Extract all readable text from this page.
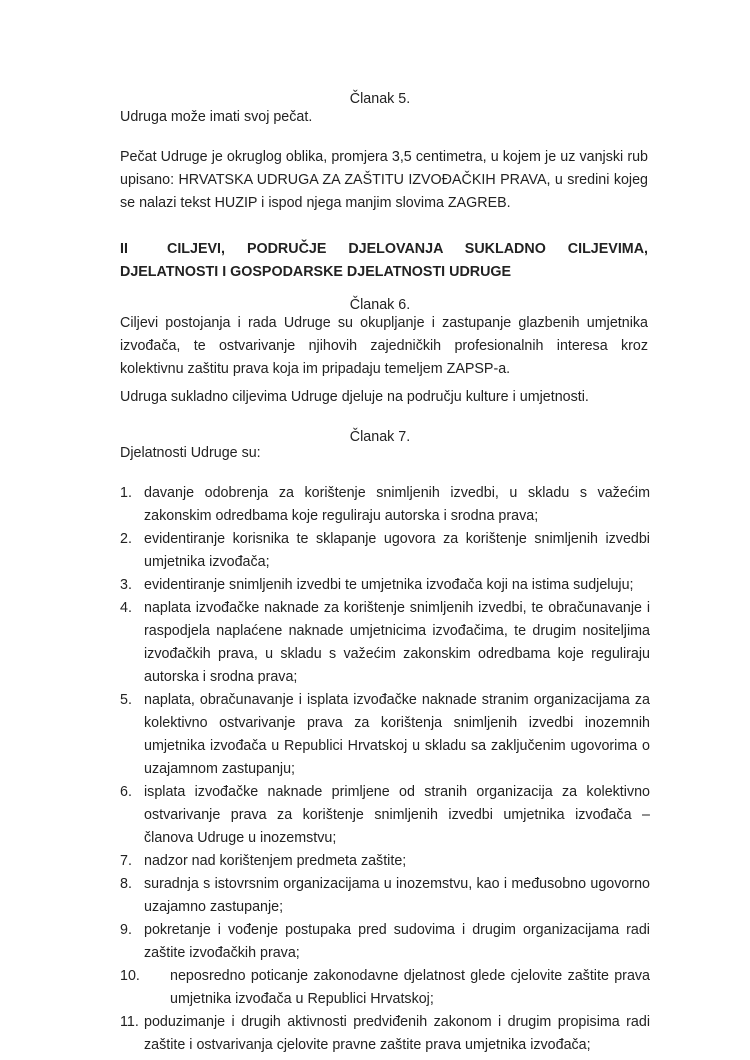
Članak 5.
Udruga može imati svoj pečat.
Pečat Udruge je okruglog oblika, promjera 3,5 centimetra, u kojem je uz vanjski rub upisano: HRVATSKA UDRUGA ZA ZAŠTITU IZVOĐAČKIH PRAVA, u sredini kojeg se nalazi tekst HUZIP i ispod njega manjim slovima ZAGREB.
II	CILJEVI, PODRUČJE DJELOVANJA SUKLADNO CILJEVIMA, DJELATNOSTI I GOSPODARSKE DJELATNOSTI UDRUGE
Članak 6.
Ciljevi postojanja i rada Udruge su okupljanje i zastupanje glazbenih umjetnika izvođača, te ostvarivanje njihovih zajedničkih profesionalnih interesa kroz kolektivnu zaštitu prava koja im pripadaju temeljem ZAPSP-a.
Udruga sukladno ciljevima Udruge djeluje na području kulture i umjetnosti.
Članak 7.
Djelatnosti Udruge su:
1. davanje odobrenja za korištenje snimljenih izvedbi, u skladu s važećim zakonskim odredbama koje reguliraju autorska i srodna prava;
2. evidentiranje korisnika te sklapanje ugovora za korištenje snimljenih izvedbi umjetnika izvođača;
3. evidentiranje snimljenih izvedbi te umjetnika izvođača koji na istima sudjeluju;
4. naplata izvođačke naknade za korištenje snimljenih izvedbi, te obračunavanje i raspodjela naplaćene naknade umjetnicima izvođačima, te drugim nositeljima izvođačkih prava, u skladu s važećim zakonskim odredbama koje reguliraju autorska i srodna prava;
5. naplata, obračunavanje i isplata izvođačke naknade stranim organizacijama za kolektivno ostvarivanje prava za korištenja snimljenih izvedbi inozemnih umjetnika izvođača u Republici Hrvatskoj u skladu sa zaključenim ugovorima o uzajamnom zastupanju;
6. isplata izvođačke naknade primljene od stranih organizacija za kolektivno ostvarivanje prava za korištenje snimljenih izvedbi umjetnika izvođača – članova Udruge u inozemstvu;
7. nadzor nad korištenjem predmeta zaštite;
8. suradnja s istovrsnim organizacijama u inozemstvu, kao i međusobno ugovorno uzajamno zastupanje;
9. pokretanje i vođenje postupaka pred sudovima i drugim organizacijama radi zaštite izvođačkih prava;
10.	neposredno poticanje zakonodavne djelatnost glede cjelovite zaštite prava umjetnika izvođača u Republici Hrvatskoj;
11. poduzimanje i drugih aktivnosti predviđenih zakonom i drugim propisima radi zaštite i ostvarivanja cjelovite pravne zaštite prava umjetnika izvođača;
